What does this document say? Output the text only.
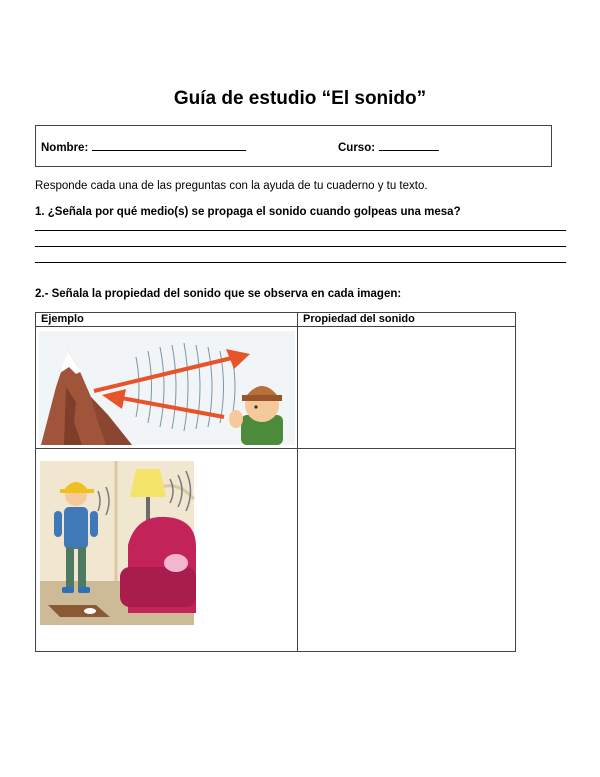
Guía de estudio “El sonido”
Nombre:	Curso:

Responde cada una de las preguntas con la ayuda de tu cuaderno y tu texto.

1. ¿Señala por qué medio(s) se propaga el sonido cuando golpeas una mesa?

2.- Señala la propiedad del sonido que se observa en cada imagen:

Ejemplo	Propiedad del sonido
